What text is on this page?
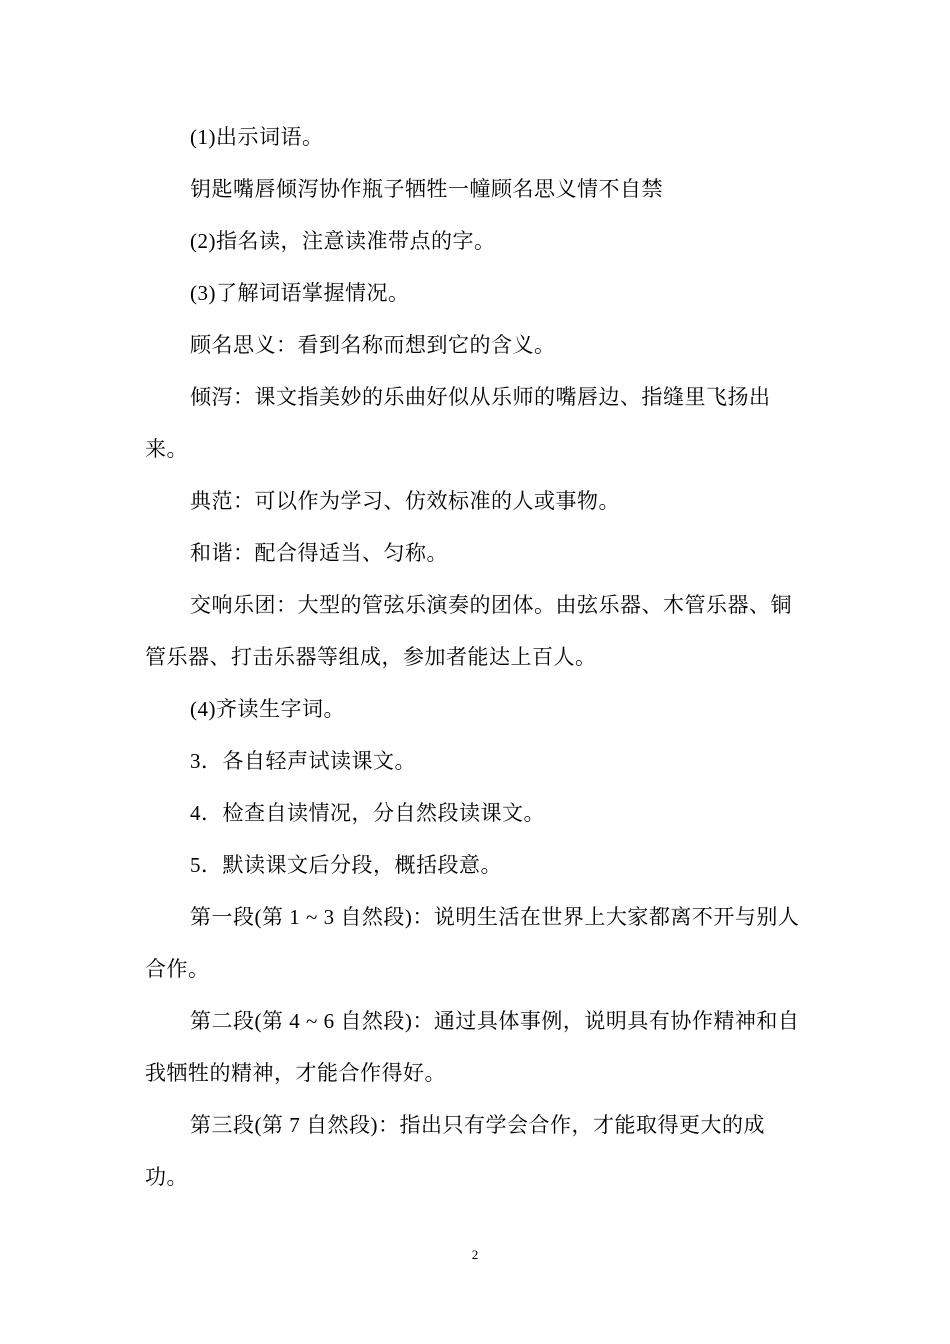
(1)出示词语。

钥匙嘴唇倾泻协作瓶子牺牲一幢顾名思义情不自禁

(2)指名读，注意读准带点的字。

(3)了解词语掌握情况。

顾名思义：看到名称而想到它的含义。

倾泻：课文指美妙的乐曲好似从乐师的嘴唇边、指缝里飞扬出来。

典范：可以作为学习、仿效标准的人或事物。

和谐：配合得适当、匀称。

交响乐团：大型的管弦乐演奏的团体。由弦乐器、木管乐器、铜管乐器、打击乐器等组成，参加者能达上百人。

(4)齐读生字词。

3．各自轻声试读课文。

4．检查自读情况，分自然段读课文。

5．默读课文后分段，概括段意。

第一段(第 1 ~ 3 自然段)：说明生活在世界上大家都离不开与别人合作。

第二段(第 4 ~ 6 自然段)：通过具体事例，说明具有协作精神和自我牺牲的精神，才能合作得好。

第三段(第 7 自然段)：指出只有学会合作，才能取得更大的成功。

2
